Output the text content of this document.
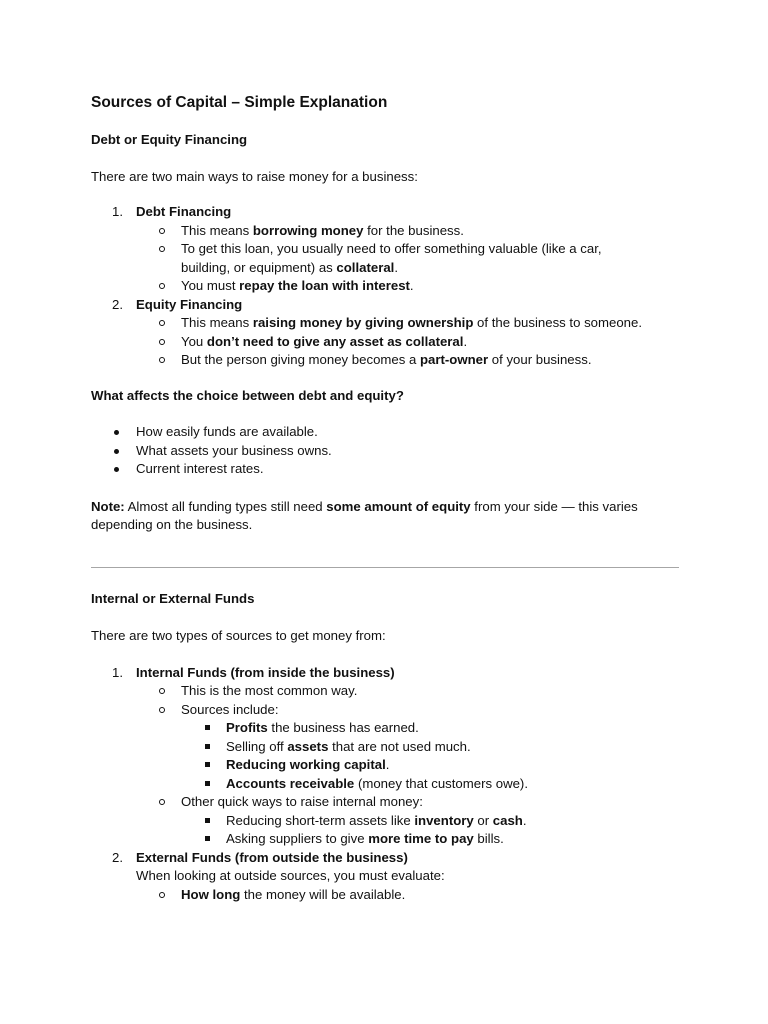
Sources of Capital – Simple Explanation
Debt or Equity Financing

There are two main ways to raise money for a business:

1. Debt Financing
This means borrowing money for the business.
To get this loan, you usually need to offer something valuable (like a car,
building, or equipment) as collateral.
You must repay the loan with interest.
2. Equity Financing
This means raising money by giving ownership of the business to someone.
You don’t need to give any asset as collateral.
But the person giving money becomes a part-owner of your business.
What affects the choice between debt and equity?
How easily funds are available.
What assets your business owns.
Current interest rates.

Note: Almost all funding types still need some amount of equity from your side — this varies
depending on the business.

Internal or External Funds

There are two types of sources to get money from:

1. Internal Funds (from inside the business)
This is the most common way.
Sources include:
Profits the business has earned.
Selling off assets that are not used much.
Reducing working capital.
Accounts receivable (money that customers owe).
Other quick ways to raise internal money:
Reducing short-term assets like inventory or cash.
Asking suppliers to give more time to pay bills.
2. External Funds (from outside the business)
When looking at outside sources, you must evaluate:
How long the money will be available.
